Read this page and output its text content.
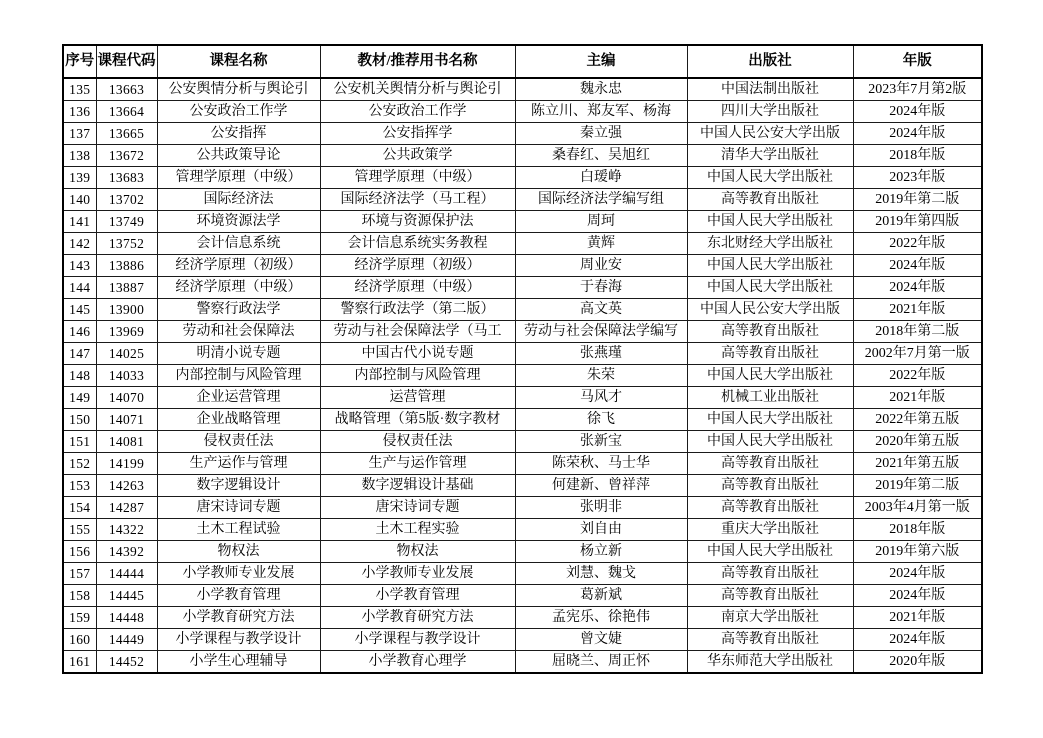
序号	课程代码	课程名称	教材/推荐用书名称	主编	出版社	年版
135	13663	公安舆情分析与舆论引	公安机关舆情分析与舆论引	魏永忠	中国法制出版社	2023年7月第2版
136	13664	公安政治工作学	公安政治工作学	陈立川、郑友军、杨海	四川大学出版社	2024年版
137	13665	公安指挥	公安指挥学	秦立强	中国人民公安大学出版	2024年版
138	13672	公共政策导论	公共政策学	桑春红、吴旭红	清华大学出版社	2018年版
139	13683	管理学原理（中级）	管理学原理（中级）	白瑷峥	中国人民大学出版社	2023年版
140	13702	国际经济法	国际经济法学（马工程）	国际经济法学编写组	高等教育出版社	2019年第二版
141	13749	环境资源法学	环境与资源保护法	周珂	中国人民大学出版社	2019年第四版
142	13752	会计信息系统	会计信息系统实务教程	黄辉	东北财经大学出版社	2022年版
143	13886	经济学原理（初级）	经济学原理（初级）	周业安	中国人民大学出版社	2024年版
144	13887	经济学原理（中级）	经济学原理（中级）	于春海	中国人民大学出版社	2024年版
145	13900	警察行政法学	警察行政法学（第二版）	高文英	中国人民公安大学出版	2021年版
146	13969	劳动和社会保障法	劳动与社会保障法学（马工	劳动与社会保障法学编写	高等教育出版社	2018年第二版
147	14025	明清小说专题	中国古代小说专题	张燕瑾	高等教育出版社	2002年7月第一版
148	14033	内部控制与风险管理	内部控制与风险管理	朱荣	中国人民大学出版社	2022年版
149	14070	企业运营管理	运营管理	马风才	机械工业出版社	2021年版
150	14071	企业战略管理	战略管理（第5版·数字教材	徐飞	中国人民大学出版社	2022年第五版
151	14081	侵权责任法	侵权责任法	张新宝	中国人民大学出版社	2020年第五版
152	14199	生产运作与管理	生产与运作管理	陈荣秋、马士华	高等教育出版社	2021年第五版
153	14263	数字逻辑设计	数字逻辑设计基础	何建新、曾祥萍	高等教育出版社	2019年第二版
154	14287	唐宋诗词专题	唐宋诗词专题	张明非	高等教育出版社	2003年4月第一版
155	14322	土木工程试验	土木工程实验	刘自由	重庆大学出版社	2018年版
156	14392	物权法	物权法	杨立新	中国人民大学出版社	2019年第六版
157	14444	小学教师专业发展	小学教师专业发展	刘慧、魏戈	高等教育出版社	2024年版
158	14445	小学教育管理	小学教育管理	葛新斌	高等教育出版社	2024年版
159	14448	小学教育研究方法	小学教育研究方法	孟宪乐、徐艳伟	南京大学出版社	2021年版
160	14449	小学课程与教学设计	小学课程与教学设计	曾文婕	高等教育出版社	2024年版
161	14452	小学生心理辅导	小学教育心理学	屈晓兰、周正怀	华东师范大学出版社	2020年版
